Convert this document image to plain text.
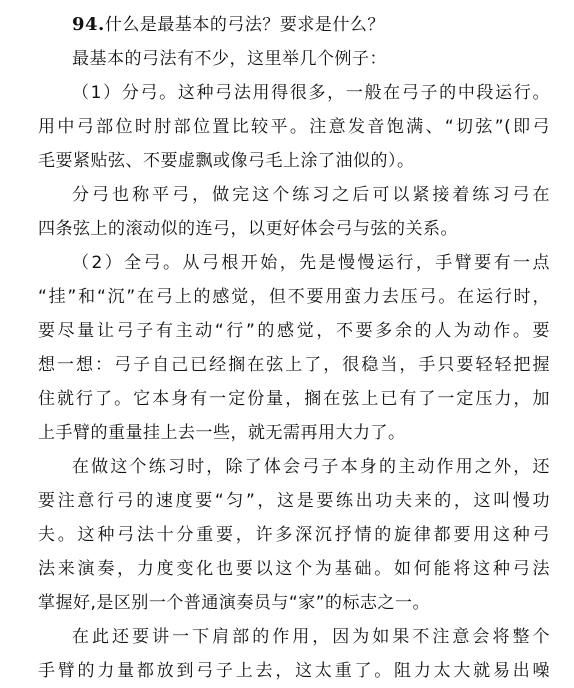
94.什么是最基本的弓法？要求是什么？
最基本的弓法有不少，这里举几个例子：
（1）分弓。这种弓法用得很多，一般在弓子的中段运行。
用中弓部位时肘部位置比较平。注意发音饱满、“切弦”(即弓
毛要紧贴弦、不要虚飘或像弓毛上涂了油似的）。
分弓也称平弓，做完这个练习之后可以紧接着练习弓在
四条弦上的滚动似的连弓，以更好体会弓与弦的关系。
（2）全弓。从弓根开始，先是慢慢运行，手臂要有一点
“挂”和“沉”在弓上的感觉，但不要用蛮力去压弓。在运行时，
要尽量让弓子有主动“行”的感觉，不要多余的人为动作。要
想一想：弓子自己已经搁在弦上了，很稳当，手只要轻轻把握
住就行了。它本身有一定份量，搁在弦上已有了一定压力，加
上手臂的重量挂上去一些，就无需再用大力了。
在做这个练习时，除了体会弓子本身的主动作用之外，还
要注意行弓的速度要“匀”，这是要练出功夫来的，这叫慢功
夫。这种弓法十分重要，许多深沉抒情的旋律都要用这种弓
法来演奏，力度变化也要以这个为基础。如何能将这种弓法
掌握好,是区别一个普通演奏员与“家”的标志之一。
在此还要讲一下肩部的作用，因为如果不注意会将整个
手臂的力量都放到弓子上去，这太重了。阻力太大就易出噪
